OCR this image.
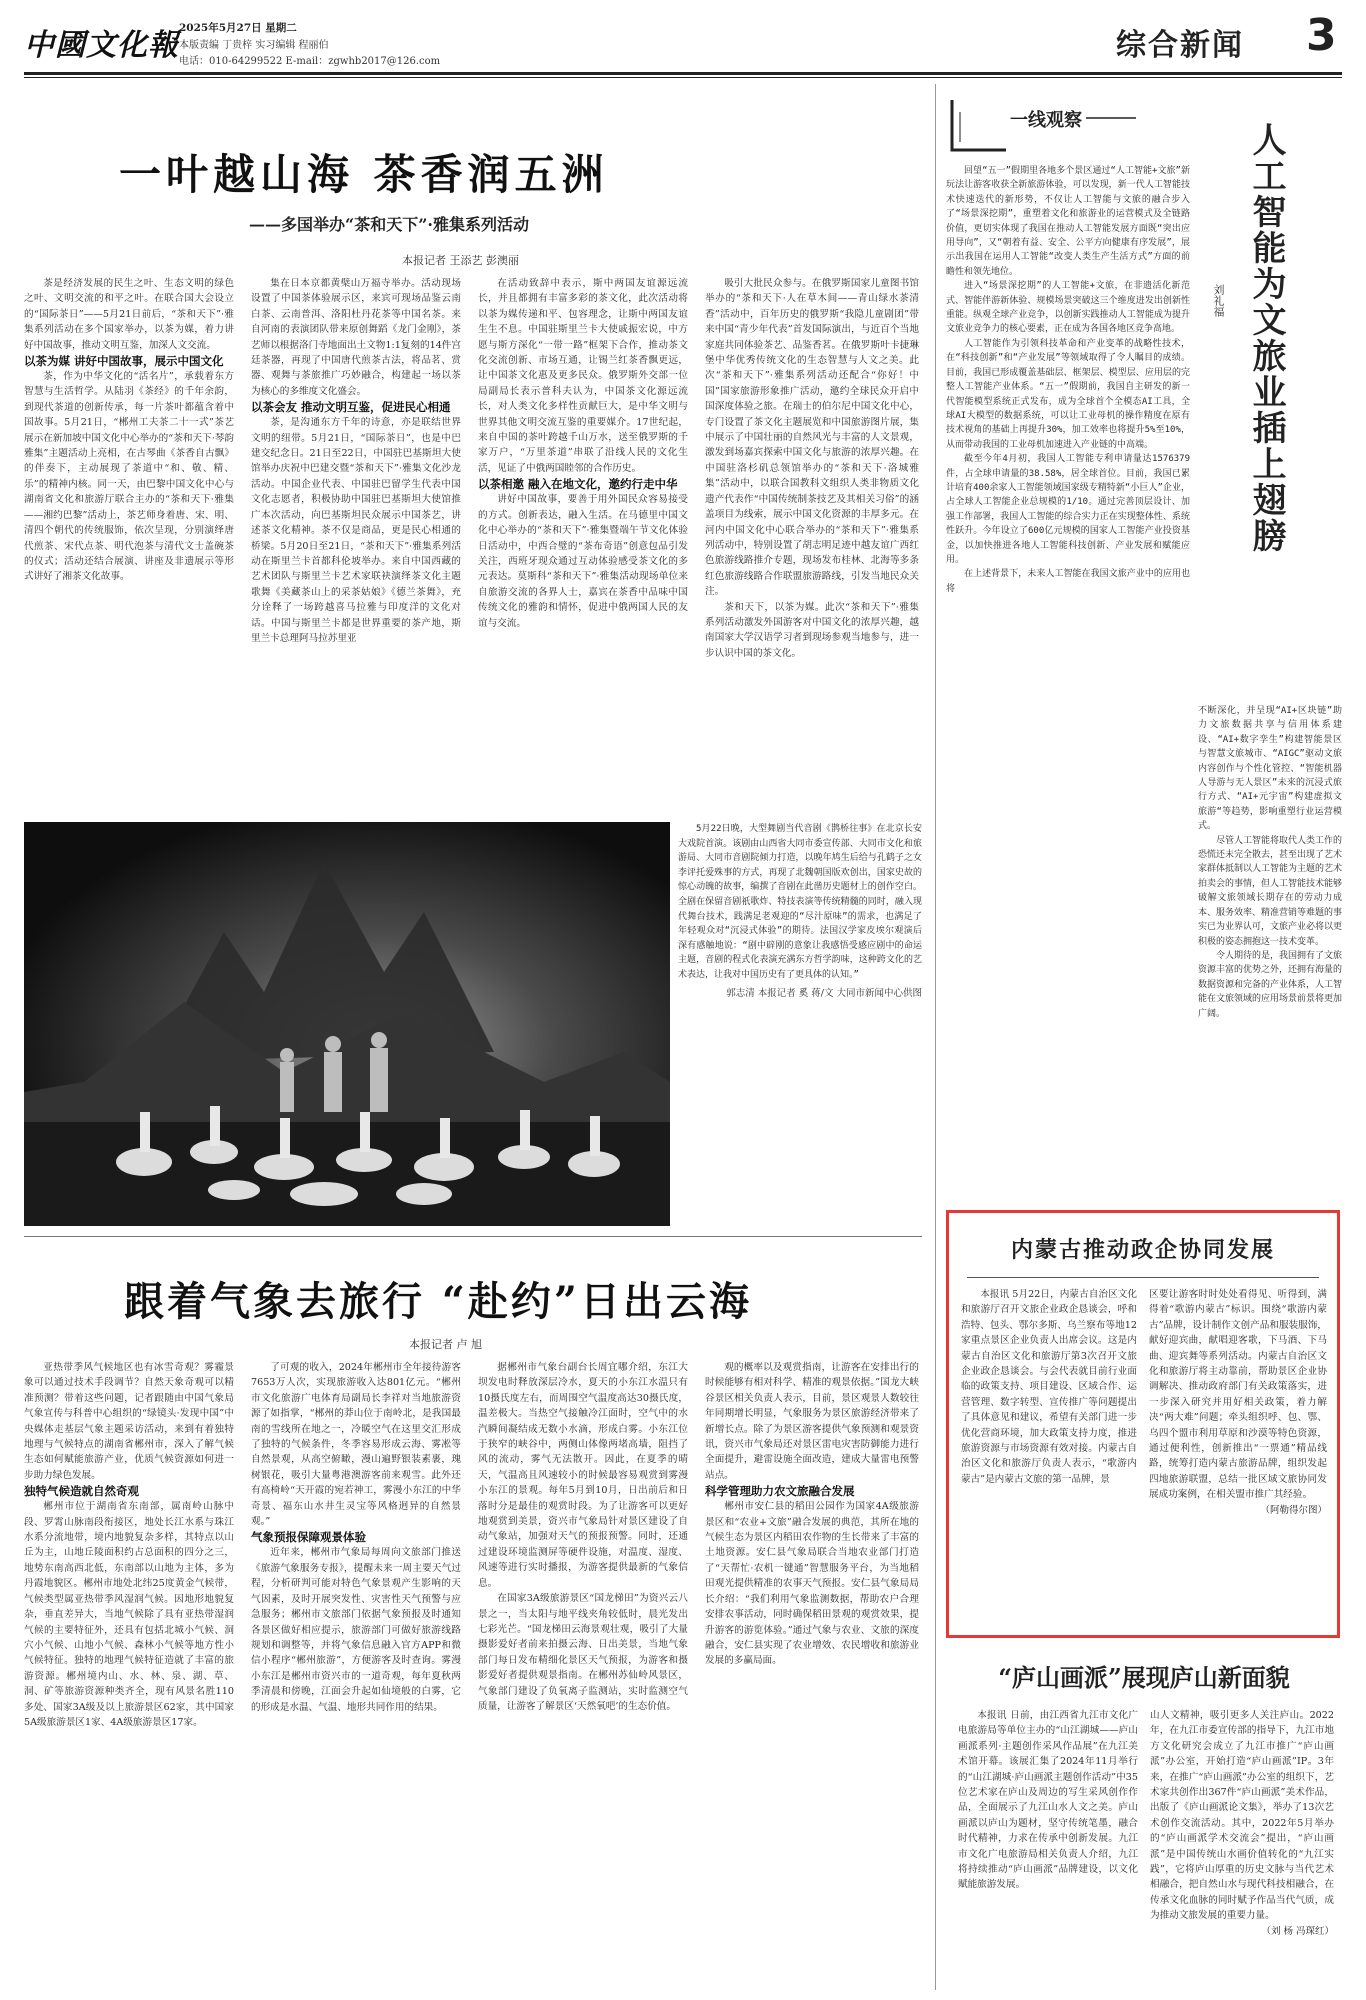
中國文化報 2025年5月27日 星期二
本版责编 丁贵梓 实习编辑 程丽伯
电话：010-64299522 E-mail：zgwhb2017@126.com	综合新闻 3
一叶越山海 茶香润五洲
——多国举办“茶和天下”·雅集系列活动
本报记者 王添艺 彭澳丽

茶是经济发展的民生之叶、生态文明的绿色之叶、文明交流的和平之叶。在联合国大会设立的“国际茶日”——5月21日前后，“茶和天下”·雅集系列活动在多个国家举办，以茶为媒，着力讲好中国故事，推动文明互鉴，加深人文交流。

以茶为媒 讲好中国故事，展示中国文化

茶，作为中华文化的“活名片”，承载着东方智慧与生活哲学。从陆羽《茶经》的千年余韵，到现代茶道的创新传承，每一片茶叶都蕴含着中国故事。5月21日，“郴州工夫茶二十一式”茶艺展示在新加坡中国文化中心举办的“茶和天下·琴韵雅集”主题活动上亮相，在古琴曲《茶香自古飘》的伴奏下，主动展现了茶道中“和、敬、精、乐”的精神内核。同一天，由巴黎中国文化中心与湖南省文化和旅游厅联合主办的“茶和天下·雅集——湘约巴黎”活动上，茶艺师身着唐、宋、明、清四个朝代的传统服饰，依次呈现，分别演绎唐代煎茶、宋代点茶、明代泡茶与清代文士盖碗茶的仪式；活动还结合展演、讲座及非遗展示等形式讲好了湘茶文化故事。

集在日本京都黄檗山万福寺举办。活动现场设置了中国茶体验展示区，来宾可现场品鉴云南白茶、云南普洱、洛阳杜丹花茶等中国名茶。来自河南的表演团队带来原创舞蹈《龙门金刚》，茶艺师以根据洛门寺地面出土文物1:1复刻的14件宫廷茶器，再现了中国唐代煎茶古法，将品茗、赏器、观舞与茶旅推广巧妙融合，构建起一场以茶为核心的多维度文化盛会。

以茶会友 推动文明互鉴，促进民心相通

茶，是沟通东方千年的诗意，亦是联结世界文明的纽带。5月21日，“国际茶日”，也是中巴建交纪念日。21日至22日，中国驻巴基斯坦大使馆举办庆祝中巴建交暨“茶和天下”·雅集文化沙龙活动。中国企业代表、中国驻巴留学生代表中国文化志愿者，积极协助中国驻巴基斯坦大使馆推广本次活动，向巴基斯坦民众展示中国茶艺，讲述茶文化精神。茶不仅是商品，更是民心相通的桥梁。5月20日至21日，“茶和天下”·雅集系列活动在斯里兰卡首都科伦坡举办。来自中国西藏的艺术团队与斯里兰卡艺术家联袂演绎茶文化主题歌舞《美藏茶山上的采茶姑娘》《德兰茶舞》，充分诠释了一场跨越喜马拉雅与印度洋的文化对话。中国与斯里兰卡都是世界重要的茶产地，斯里兰卡总理阿马拉苏里亚

在活动致辞中表示，斯中两国友谊源远流长，并且都拥有丰富多彩的茶文化，此次活动将以茶为媒传递和平、包容理念，让斯中两国友谊生生不息。中国驻斯里兰卡大使戚振宏说，中方愿与斯方深化“一带一路”框架下合作，推动茶文化交流创新、市场互通，让锡兰红茶香飘更远，让中国茶文化惠及更多民众。俄罗斯外交部一位局副局长表示普科夫认为，中国茶文化源远流长，对人类文化多样性贡献巨大，是中华文明与世界其他文明交流互鉴的重要媒介。17世纪起，来自中国的茶叶跨越千山万水，送至俄罗斯的千家万户，“万里茶道”串联了沿线人民的文化生活，见证了中俄两国睦邻的合作历史。

以茶相邀 融入在地文化，邀约行走中华

讲好中国故事，要善于用外国民众容易接受的方式。创新表达，融入生活。在马德里中国文化中心举办的“茶和天下”·雅集暨端午节文化体验日活动中，中西合璧的“茶布奇语”创意包品引发关注，西班牙现众通过互动体验感受茶文化的多元表达。莫斯科“茶和天下”·雅集活动现场单位来自旅游交流的各界人士，嘉宾在茶香中品味中国传统文化的雅韵和情怀，促进中俄两国人民的友谊与交流。

吸引大批民众参与。在俄罗斯国家儿童图书馆举办的“茶和天下·人在草木间——青山绿水茶清香”活动中，百年历史的俄罗斯“我隐儿童剧团”带来中国“青少年代表”首发国际演出，与近百个当地家庭共同体验茶艺、品鉴香茗。在俄罗斯叶卡捷琳堡中华优秀传统文化的生态智慧与人文之美。此次“茶和天下”·雅集系列活动还配合“你好！中国”国家旅游形象推广活动，邀约全球民众开启中国深度体验之旅。在瑞士的伯尔尼中国文化中心，专门设置了茶文化主题展览和中国旅游图片展，集中展示了中国壮丽的自然风光与丰富的人文景观，激发到场嘉宾探索中国文化与旅游的浓厚兴趣。在中国驻洛杉矶总领馆举办的“茶和天下·洛城雅集”活动中，以联合国教科文组织人类非物质文化遗产代表作“中国传统制茶技艺及其相关习俗”的涵盖项目为线索，展示中国文化资源的丰厚多元。在河内中国文化中心联合举办的“茶和天下”·雅集系列活动中，特别设置了胡志明足迹中越友谊广西红色旅游线路推介专题，现场发布桂林、北海等多条红色旅游线路合作联盟旅游路线，引发当地民众关注。

茶和天下，以茶为媒。此次“茶和天下”·雅集系列活动激发外国游客对中国文化的浓厚兴趣，越南国家大学汉语学习者到现场参观当地参与，进一步认识中国的茶文化。

5月22日晚，大型舞剧当代音剧《鹊桥往事》在北京长安大戏院首演。该剧由山西省大同市委宣传部、大同市文化和旅游局、大同市音剧院倾力打造，以晚年鸠生后给与孔鹤子之女李评托爱殊事的方式，再现了北魏朝国版欢创出，国家史故的惊心动魄的故事，编撰了音剧在此凿历史题材上的创作空白。全剧在保留音剧祇歌炸、特技表演等传统精髓的同时，融入现代舞台技术，践满足老观迎的“尽汁原味”的需求，也满足了年轻观众对“沉浸式体验”的期待。法国汉学家皮埃尔观演后深有感触地说：“剧中辟刚的意象让我感悟受感应剧中的命运主题，音剧的程式化表演充满东方哲学韵味，这种跨文化的艺术表达，让我对中国历史有了更具体的认知。”

郭志清 本报记者 奚 蒋/文 大同市新闻中心供图

跟着气象去旅行 “赴约”日出云海
本报记者 卢 旭

亚热带季风气候地区也有冰雪奇观？雾霾景象可以通过技术手段调节？自然天象奇观可以精准预测？带着这些问题，记者跟随由中国气象局气象宣传与科普中心组织的“绿镜头·发现中国”中央媒体走基层气象主题采访活动，来到有着独特地理与气候特点的湖南省郴州市，深入了解气候生态如何赋能旅游产业，优质气候资源如何进一步助力绿色发展。

独特气候造就自然奇观

郴州市位于湖南省东南部，属南岭山脉中段、罗霄山脉南段衔接区，地处长江水系与珠江水系分流地带，境内地貌复杂多样，其特点以山丘为主，山地丘陵面积约占总面积的四分之三，地势东南高西北低，东南部以山地为主体，多为丹霞地貌区。郴州市地处北纬25度黄金气候带，气候类型属亚热带季风湿润气候。因地形地貌复杂，垂直差异大，当地气候除了具有亚热带湿润气候的主要特征外，还具有包括北城小气候、洞穴小气候、山地小气候、森林小气候等地方性小气候特征。独特的地理气候特征造就了丰富的旅游资源。郴州境内山、水、林、泉、湖、草、洞、矿等旅游资源种类齐全，现有风景名胜110多处、国家3A级及以上旅游景区62家，其中国家5A级旅游景区1家、4A级旅游景区17家。

了可观的收入，2024年郴州市全年接待游客7653万人次，实现旅游收入达801亿元。“郴州市文化旅游广电体育局副局长李祥对当地旅游资源了如指掌，“郴州的莽山位于南岭北，是我国最南的雪线所在地之一，冷暖空气在这里交汇形成了独特的气候条件，冬季容易形成云海、雾凇等自然景观，从高空俯瞰，漫山遍野银装素裹，瑰树银花，吸引大量粤港澳游客前来观雪。此外还有高椅岭“天开霞的宛若神工，雾漫小东江的中华奇景、福东山水井生灵宝等风格迥异的自然景观。”

气象预报保障观景体验

近年来，郴州市气象局每周向文旅部门推送《旅游气象服务专报》，提醒未来一周主要天气过程，分析研判可能对特色气象景观产生影响的天气因素，及时开展突发性、灾害性天气预警与应急服务；郴州市文旅部门依据气象预报及时通知各景区做好相应提示，旅游部门可做好旅游线路规划和调整等，并将气象信息融入官方APP和微信小程序“郴州旅游”，方便游客及时查询。雾漫小东江是郴州市资兴市的一道奇观，每年夏秋两季清晨和傍晚，江面会升起如仙境般的白雾，它的形成是水温、气温、地形共同作用的结果。

据郴州市气象台副台长周宜哪介绍，东江大坝发电时释放深层冷水，夏天的小东江水温只有10摄氏度左右，而周围空气温度高达30摄氏度，温差极大。当热空气接触冷江面时，空气中的水汽瞬间凝结成无数小水滴，形成白雾。小东江位于狭窄的峡谷中，两侧山体像两堵高墙，阻挡了风的流动，雾气无法散开。因此，在夏季的晴天，气温高且风速较小的时候最容易观赏到雾漫小东江的景观。每年5月到10月，日出前后和日落时分是最佳的观赏时段。为了让游客可以更好地观赏到美景，资兴市气象局针对景区建设了自动气象站，加强对天气的预报预警。同时，还通过建设环境监测屏等硬件设施，对温度、湿度、风速等进行实时播报，为游客提供最新的气象信息。

在国家3A级旅游景区“国龙梯田”为资兴云八景之一，当太阳与地平线夹角较低时，晨光发出七彩光芒。“国龙梯田云海景观壮观，吸引了大量摄影爱好者前来拍摄云海、日出美景，当地气象部门每日发布精细化景区天气预报，为游客和摄影爱好者提供观景指南。在郴州苏仙岭风景区，气象部门建设了负氧离子监测站，实时监测空气质量，让游客了解景区‘天然氧吧’的生态价值。

观的概率以及观赏指南，让游客在安排出行的时候能够有相对科学、精准的观景依据。”国龙大峡谷景区相关负责人表示，目前，景区观景人数较往年同期增长明显，气象服务为景区旅游经济带来了新增长点。除了为景区游客提供气象预测和观景资讯，资兴市气象局还对景区雷电灾害防御能力进行全面提升，避雷设施全面改造，建成大量雷电预警站点。

科学管理助力农文旅融合发展

郴州市安仁县的稻田公园作为国家4A级旅游景区和“农业+文旅”融合发展的典范，其所在地的气候生态为景区内稻田农作物的生长带来了丰富的土地资源。安仁县气象局联合当地农业部门打造了“天帮忙·农机一键通”智慧服务平台，为当地稻田观光提供精准的农事天气预报。安仁县气象局局长介绍：“我们利用气象监测数据，帮助农户合理安排农事活动，同时确保稻田景观的观赏效果，提升游客的游览体验。”通过气象与农业、文旅的深度融合，安仁县实现了农业增效、农民增收和旅游业发展的多赢局面。

一线观察
人工智能为文旅业插上翅膀
刘礼福

回望“五一”假期里各地多个景区通过“人工智能+文旅”新玩法让游客收获全新旅游体验，可以发现，新一代人工智能技术快速迭代的新形势，不仅让人工智能与文旅的融合步入了“场景深挖期”，重塑着文化和旅游业的运营模式及全链路价值，更切实体现了我国在推动人工智能发展方面既“突出应用导向”，又“朝着有益、安全、公平方向健康有序发展”，展示出我国在运用人工智能“改变人类生产生活方式”方面的前瞻性和领先地位。

进入“场景深挖期”的人工智能+文旅，在非遗活化新范式、智能伴游新体验、规模场景突破这三个维度进发出创新性重能。纵观全球产业竞争，以创新实践推动人工智能成为提升文旅业竞争力的核心要素，正在成为各国各地区竞争高地。

人工智能作为引领科技革命和产业变革的战略性技术，在“科技创新”和“产业发展”等领域取得了令人瞩目的成绩。目前，我国已形成覆盖基础层、框架层、模型层、应用层的完整人工智能产业体系。“五一”假期前，我国自主研发的新一代智能模型系统正式发布，成为全球首个全模态AI工具，全球AI大模型的数据系统，可以让工业母机的操作精度在原有技术视角的基础上再提升30%，加工效率也将提升5%至10%，从而带动我国的工业母机加速进入产业链的中高端。

截至今年4月初，我国人工智能专利申请量达1576379件，占全球申请量的38.58%，居全球首位。目前，我国已累计培育400余家人工智能领域国家级专精特新“小巨人”企业，占全球人工智能企业总规模的1/10。通过完善顶层设计、加强工作部署，我国人工智能的综合实力正在实现整体性、系统性跃升。今年设立了600亿元规模的国家人工智能产业投资基金，以加快推进各地人工智能科技创新、产业发展和赋能应用。

在上述背景下，未来人工智能在我国文旅产业中的应用也将

不断深化，并呈现“AI+区块链”助力文旅数据共享与信用体系建设、“AI+数字孪生”构建智能景区与智慧文旅城市、“AIGC”驱动文旅内容创作与个性化管控、“智能机器人导游与无人景区”未来的沉浸式旅行方式、“AI+元宇宙”构建虚拟文旅游“等趋势，影响重塑行业运营模式。

尽管人工智能将取代人类工作的恐慌还未完全散去，甚至出现了艺术家群体抵制以人工智能为主题的艺术拍卖会的事情，但人工智能技术能够破解文旅领域长期存在的劳动力成本、服务效率、精准营销等难题的事实已为业界认可，文旅产业必将以更积极的姿态拥抱这一技术变革。

令人期待的是，我国拥有了文旅资源丰富的优势之外，还拥有海量的数据资源和完备的产业体系，人工智能在文旅领域的应用场景前景将更加广阔。

内蒙古推动政企协同发展

本报讯 5月22日，内蒙古自治区文化和旅游厅召开文旅企业政企恳谈会，呼和浩特、包头、鄂尔多斯、乌兰察布等地12家重点景区企业负责人出席会议。这是内蒙古自治区文化和旅游厅第3次召开文旅企业政企恳谈会。与会代表就目前行业面临的政策支持、项目建设、区域合作、运营管理、数字转型、宣传推广等问题提出了具体意见和建议，希望有关部门进一步优化营商环境，加大政策支持力度，推进旅游资源与市场资源有效对接。内蒙古自治区文化和旅游厅负责人表示，“歌游内蒙古”是内蒙古文旅的第一品牌，景

区要让游客时时处处看得见、听得到，满得着“歌游内蒙古”标识。围绕“歌游内蒙古”品牌，设计制作文创产品和服装服饰，献好迎宾曲，献唱迎客歌，下马酒、下马曲、迎宾舞等系列活动。内蒙古自治区文化和旅游厅将主动靠前，帮助景区企业协调解决、推动政府部门有关政策落实，进一步深入研究并用好相关政策，着力解决“两大难”问题；牵头组织呼、包、鄂、乌四个盟市利用草原和沙漠等特色资源，通过便利性，创新推出“一票通”精品线路，统筹打造内蒙古旅游品牌，组织发起四地旅游联盟，总结一批区域文旅协同发展成功案例，在相关盟市推广其经验。

（阿勒得尔图）

“庐山画派”展现庐山新面貌

本报讯 日前，由江西省九江市文化广电旅游局等单位主办的“山江湖城——庐山画派系列·主题创作采风作品展”在九江美术馆开幕。该展汇集了2024年11月举行的“山江湖城·庐山画派主题创作活动”中35位艺术家在庐山及周边的写生采风创作作品，全面展示了九江山水人文之美。庐山画派以庐山为题材，坚守传统笔墨，融合时代精神，力求在传承中创新发展。九江市文化广电旅游局相关负责人介绍，九江将持续推动“庐山画派”品牌建设，以文化赋能旅游发展。

山人文精神，吸引更多人关注庐山。2022年，在九江市委宣传部的指导下，九江市地方文化研究会成立了九江市推广“庐山画派”办公室，开始打造“庐山画派”IP。3年来，在推广“庐山画派”办公室的组织下，艺术家共创作出367件“庐山画派”美术作品，出版了《庐山画派论文集》，举办了13次艺术创作交流活动。其中，2022年5月举办的“庐山画派学术交流会”提出，“庐山画派”是中国传统山水画价值转化的“九江实践”，它将庐山厚重的历史文脉与当代艺术相融合，把自然山水与现代科技相融合，在传承文化血脉的同时赋予作品当代气质，成为推动文旅发展的重要力量。

（刘 杨 冯琛红）
